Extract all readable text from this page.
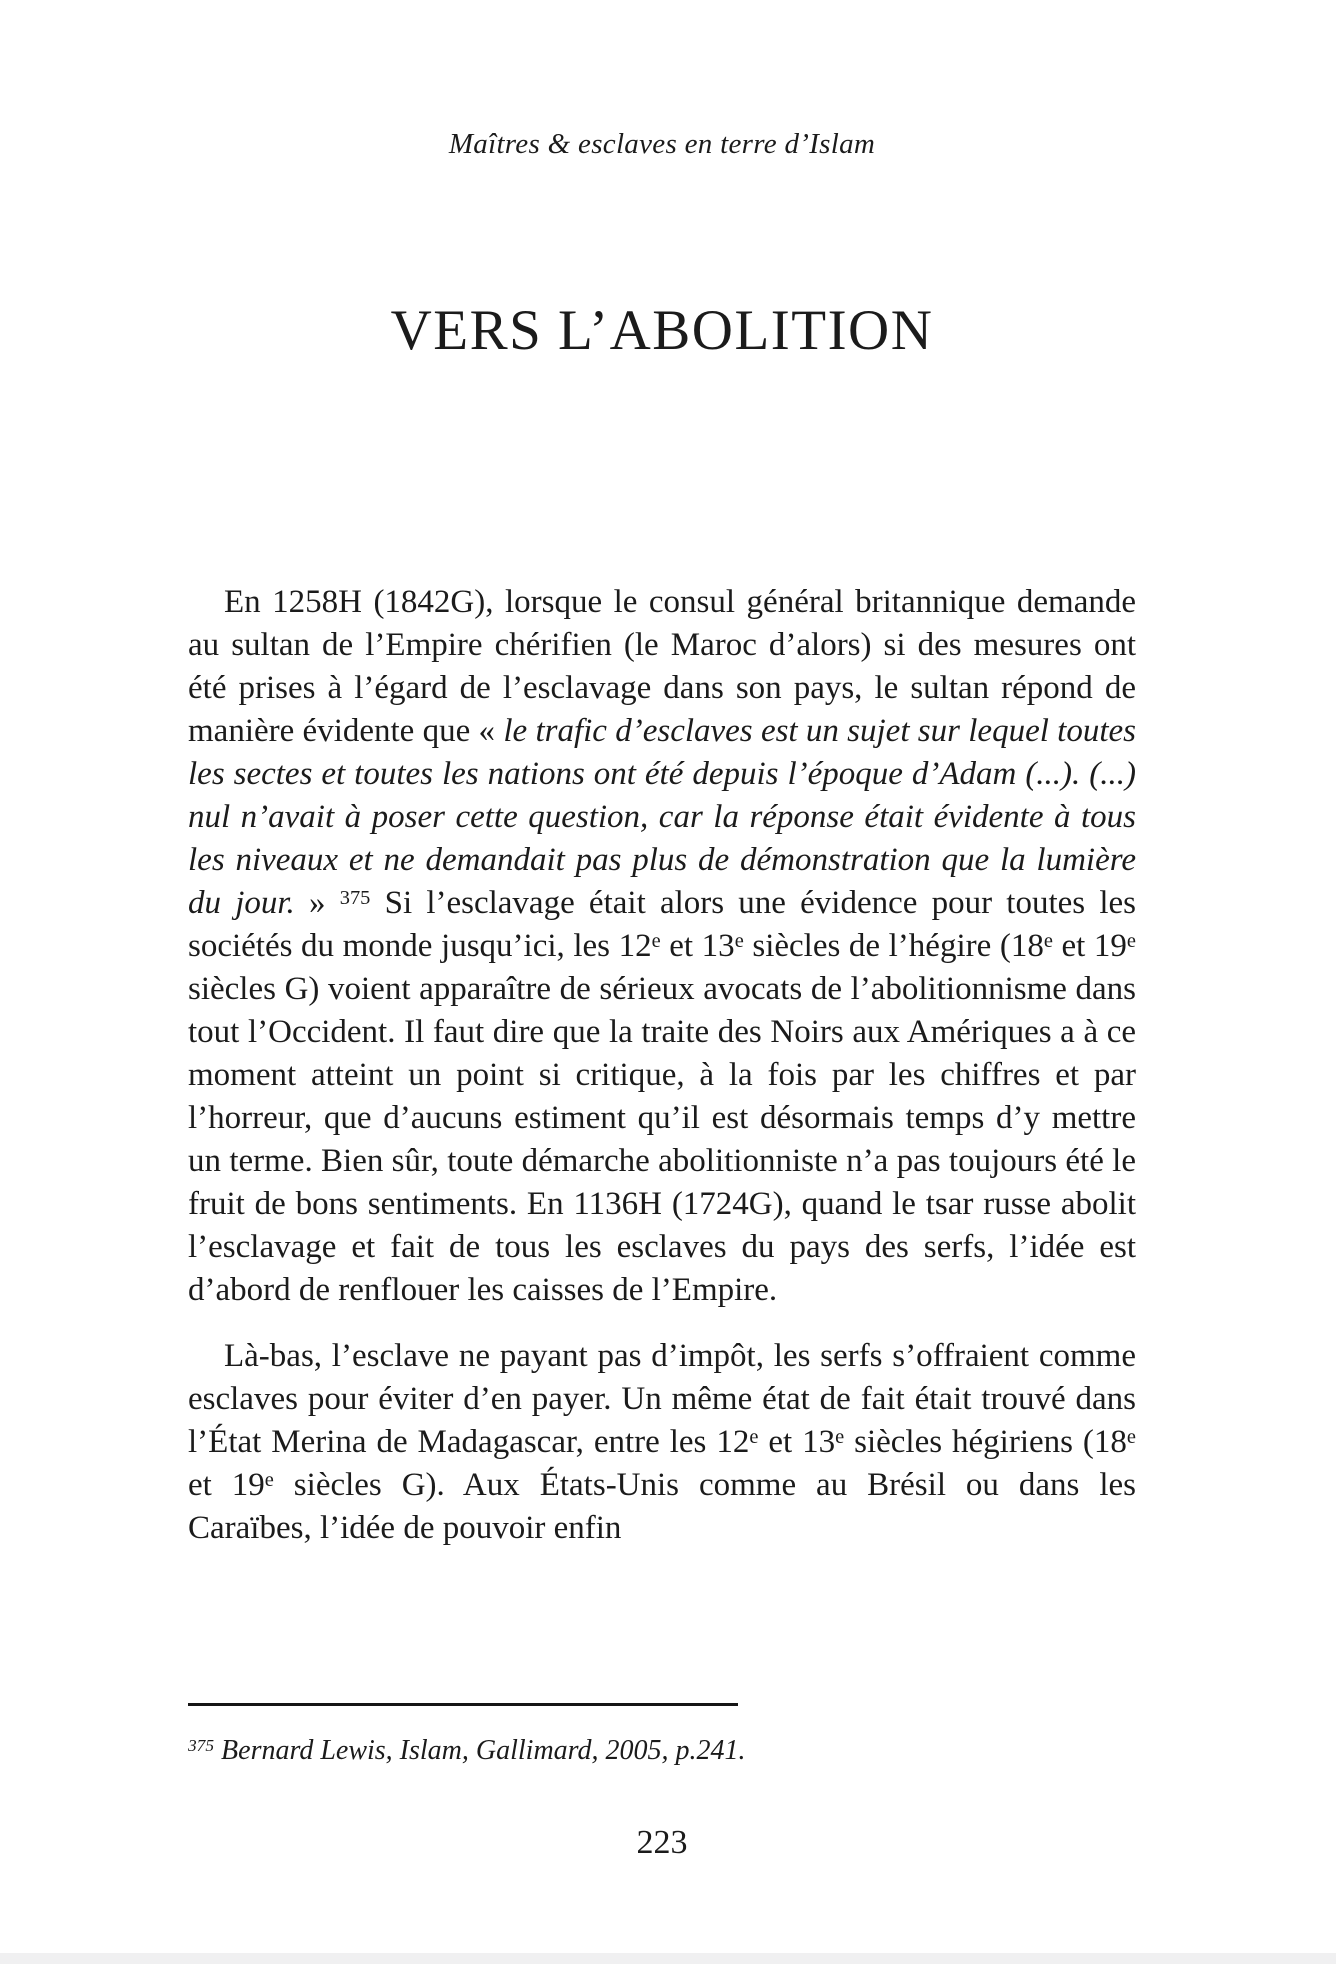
Maîtres & esclaves en terre d’Islam
VERS L’ABOLITION

En 1258H (1842G), lorsque le consul général britannique demande au sultan de l’Empire chérifien (le Maroc d’alors) si des mesures ont été prises à l’égard de l’esclavage dans son pays, le sultan répond de manière évidente que « le trafic d’esclaves est un sujet sur lequel toutes les sectes et toutes les nations ont été depuis l’époque d’Adam (...). (...) nul n’avait à poser cette question, car la réponse était évidente à tous les niveaux et ne demandait pas plus de démonstration que la lumière du jour. » $^{375}$ Si l’esclavage était alors une évidence pour toutes les sociétés du monde jusqu’ici, les 12e et 13e siècles de l’hégire (18e et 19e siècles G) voient apparaître de sérieux avocats de l’abolitionnisme dans tout l’Occident. Il faut dire que la traite des Noirs aux Amériques a à ce moment atteint un point si critique, à la fois par les chiffres et par l’horreur, que d’aucuns estiment qu’il est désormais temps d’y mettre un terme. Bien sûr, toute démarche abolitionniste n’a pas toujours été le fruit de bons sentiments. En 1136H (1724G), quand le tsar russe abolit l’esclavage et fait de tous les esclaves du pays des serfs, l’idée est d’abord de renflouer les caisses de l’Empire.

Là-bas, l’esclave ne payant pas d’impôt, les serfs s’offraient comme esclaves pour éviter d’en payer. Un même état de fait était trouvé dans l’État Merina de Madagascar, entre les 12e et 13e siècles hégiriens (18e et 19e siècles G). Aux États-Unis comme au Brésil ou dans les Caraïbes, l’idée de pouvoir enfin

$^{375}$ Bernard Lewis, Islam, Gallimard, 2005, p.241.
223
